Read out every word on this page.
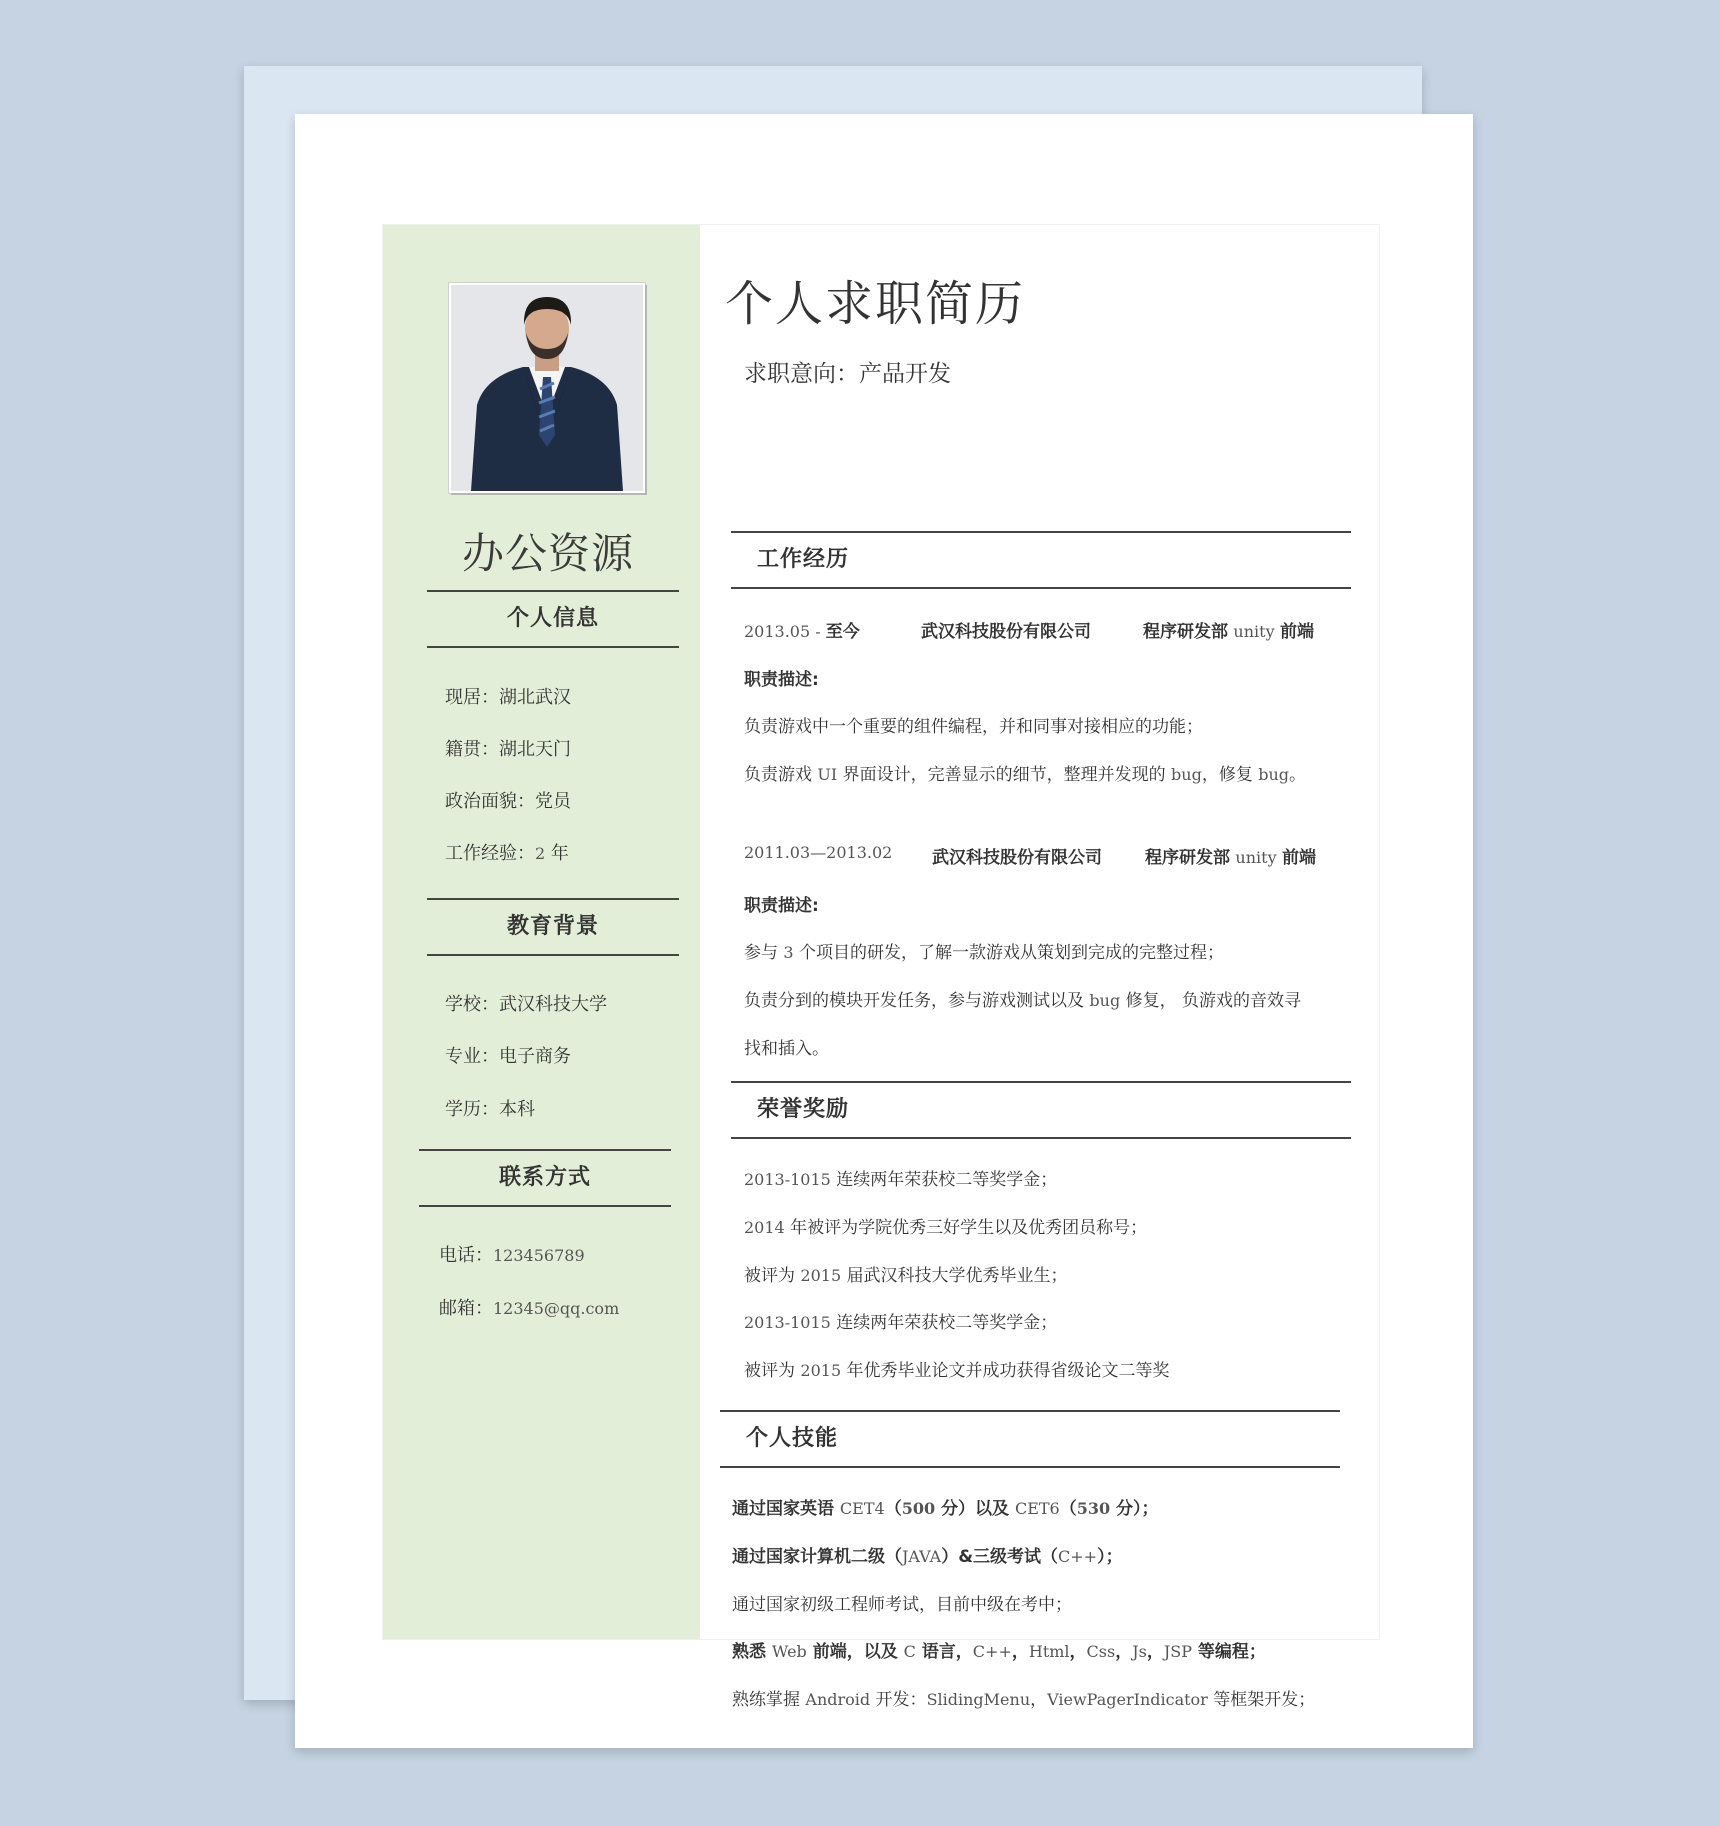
办公资源
个人信息
现居：湖北武汉
籍贯：湖北天门
政治面貌：党员
工作经验：2 年
教育背景
学校：武汉科技大学
专业：电子商务
学历：本科
联系方式
电话：123456789
邮箱：12345@qq.com
个人求职简历
求职意向：产品开发
工作经历
2013.05 - 至今	武汉科技股份有限公司	程序研发部 unity 前端
职责描述:
负责游戏中一个重要的组件编程，并和同事对接相应的功能；
负责游戏 UI 界面设计，完善显示的细节，整理并发现的 bug，修复 bug。
2011.03—2013.02 武汉科技股份有限公司	程序研发部 unity 前端
职责描述:
参与 3 个项目的研发，了解一款游戏从策划到完成的完整过程；
负责分到的模块开发任务，参与游戏测试以及 bug 修复， 负游戏的音效寻
找和插入。
荣誉奖励
2013-1015 连续两年荣获校二等奖学金；
2014 年被评为学院优秀三好学生以及优秀团员称号；
被评为 2015 届武汉科技大学优秀毕业生；
2013-1015 连续两年荣获校二等奖学金；
被评为 2015 年优秀毕业论文并成功获得省级论文二等奖
个人技能
通过国家英语 CET4（500 分）以及 CET6（530 分）；
通过国家计算机二级（JAVA）&三级考试（C++）；
通过国家初级工程师考试，目前中级在考中；
熟悉 Web 前端，以及 C 语言，C++，Html，Css，Js，JSP 等编程；
熟练掌握 Android 开发：SlidingMenu，ViewPagerIndicator 等框架开发；
